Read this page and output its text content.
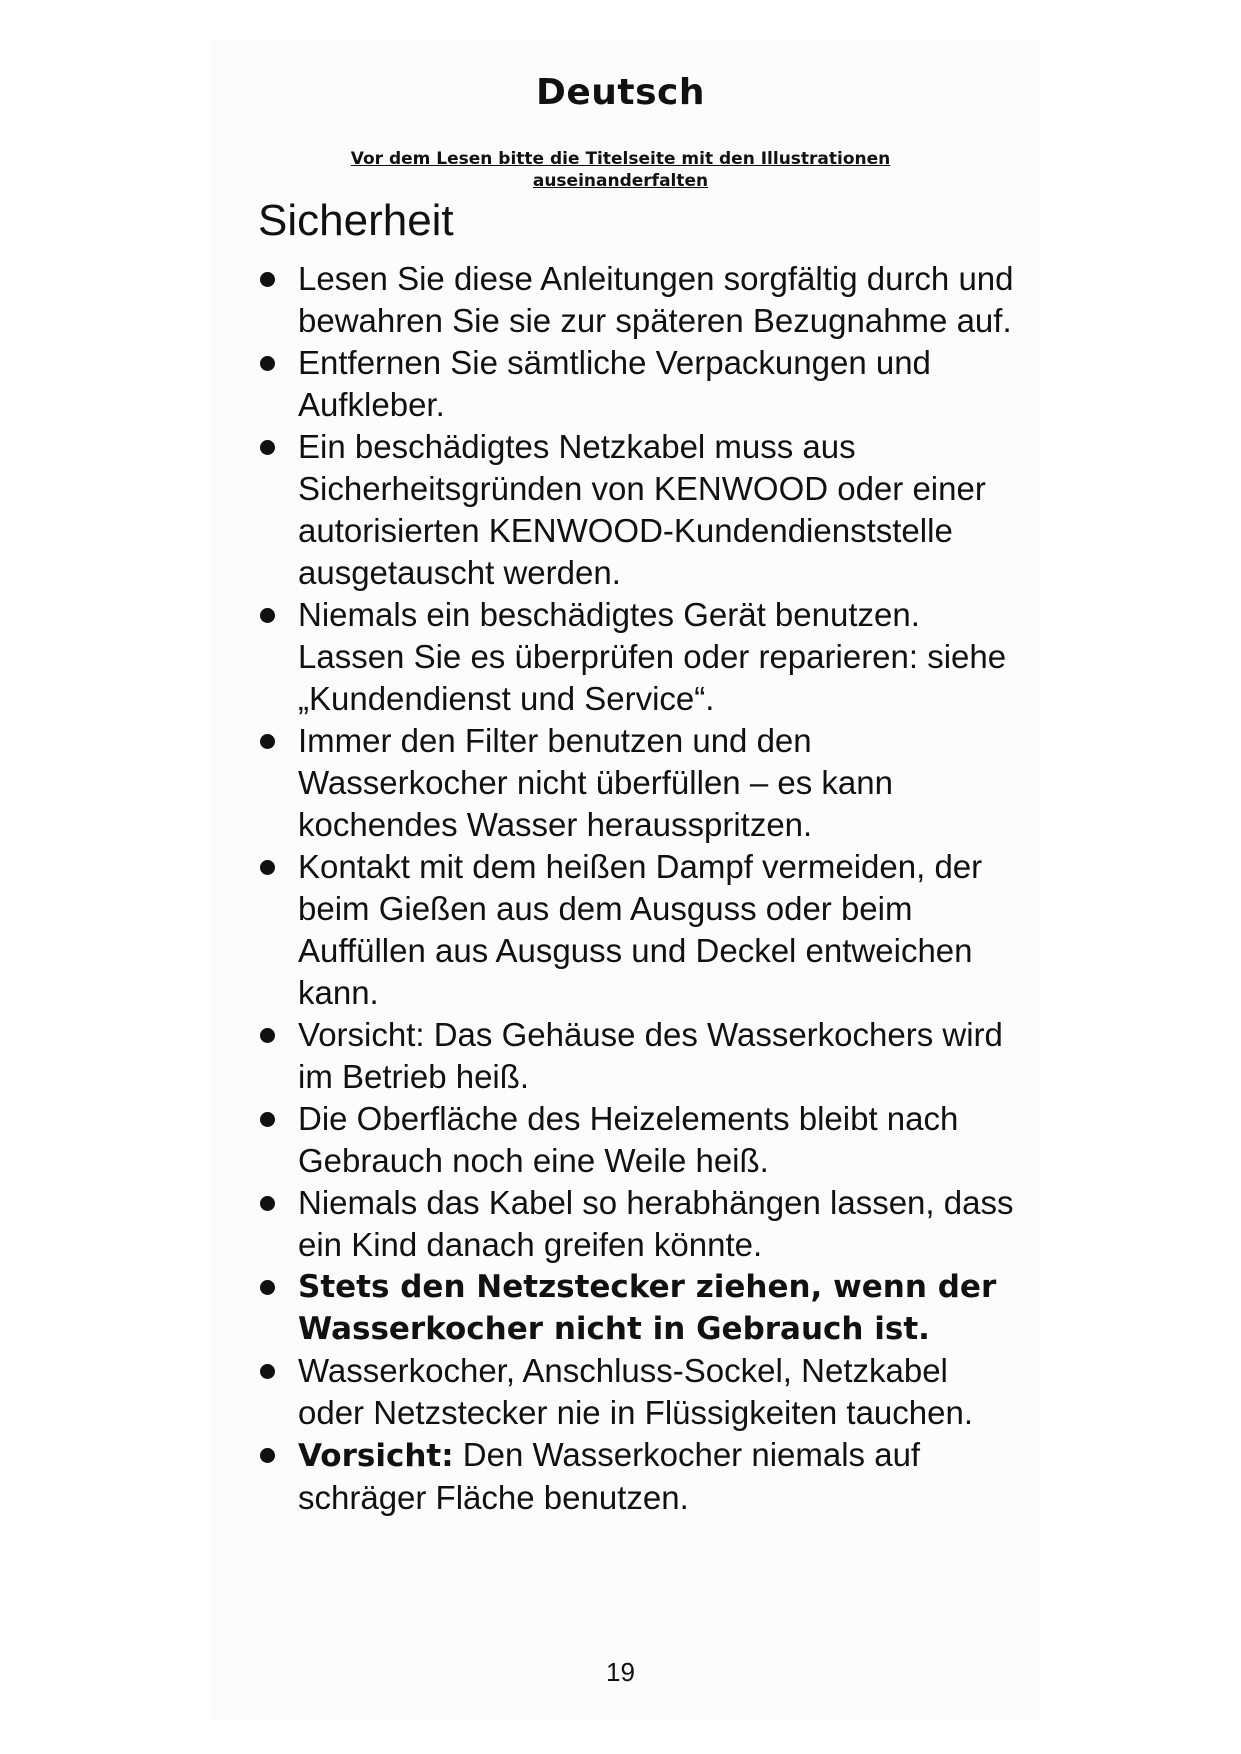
Deutsch

Vor dem Lesen bitte die Titelseite mit den Illustrationen
auseinanderfalten

Sicherheit
Lesen Sie diese Anleitungen sorgfältig durch und bewahren Sie sie zur späteren Bezugnahme auf.
Entfernen Sie sämtliche Verpackungen und Aufkleber.
Ein beschädigtes Netzkabel muss aus Sicherheitsgründen von KENWOOD oder einer autorisierten KENWOOD-Kundendienststelle ausgetauscht werden.
Niemals ein beschädigtes Gerät benutzen. Lassen Sie es überprüfen oder reparieren: siehe „Kundendienst und Service“.
Immer den Filter benutzen und den Wasserkocher nicht überfüllen – es kann kochendes Wasser herausspritzen.
Kontakt mit dem heißen Dampf vermeiden, der beim Gießen aus dem Ausguss oder beim Auffüllen aus Ausguss und Deckel entweichen kann.
Vorsicht: Das Gehäuse des Wasserkochers wird im Betrieb heiß.
Die Oberfläche des Heizelements bleibt nach Gebrauch noch eine Weile heiß.
Niemals das Kabel so herabhängen lassen, dass ein Kind danach greifen könnte.
Stets den Netzstecker ziehen, wenn der Wasserkocher nicht in Gebrauch ist.
Wasserkocher, Anschluss-Sockel, Netzkabel oder Netzstecker nie in Flüssigkeiten tauchen.
Vorsicht: Den Wasserkocher niemals auf schräger Fläche benutzen.

19
